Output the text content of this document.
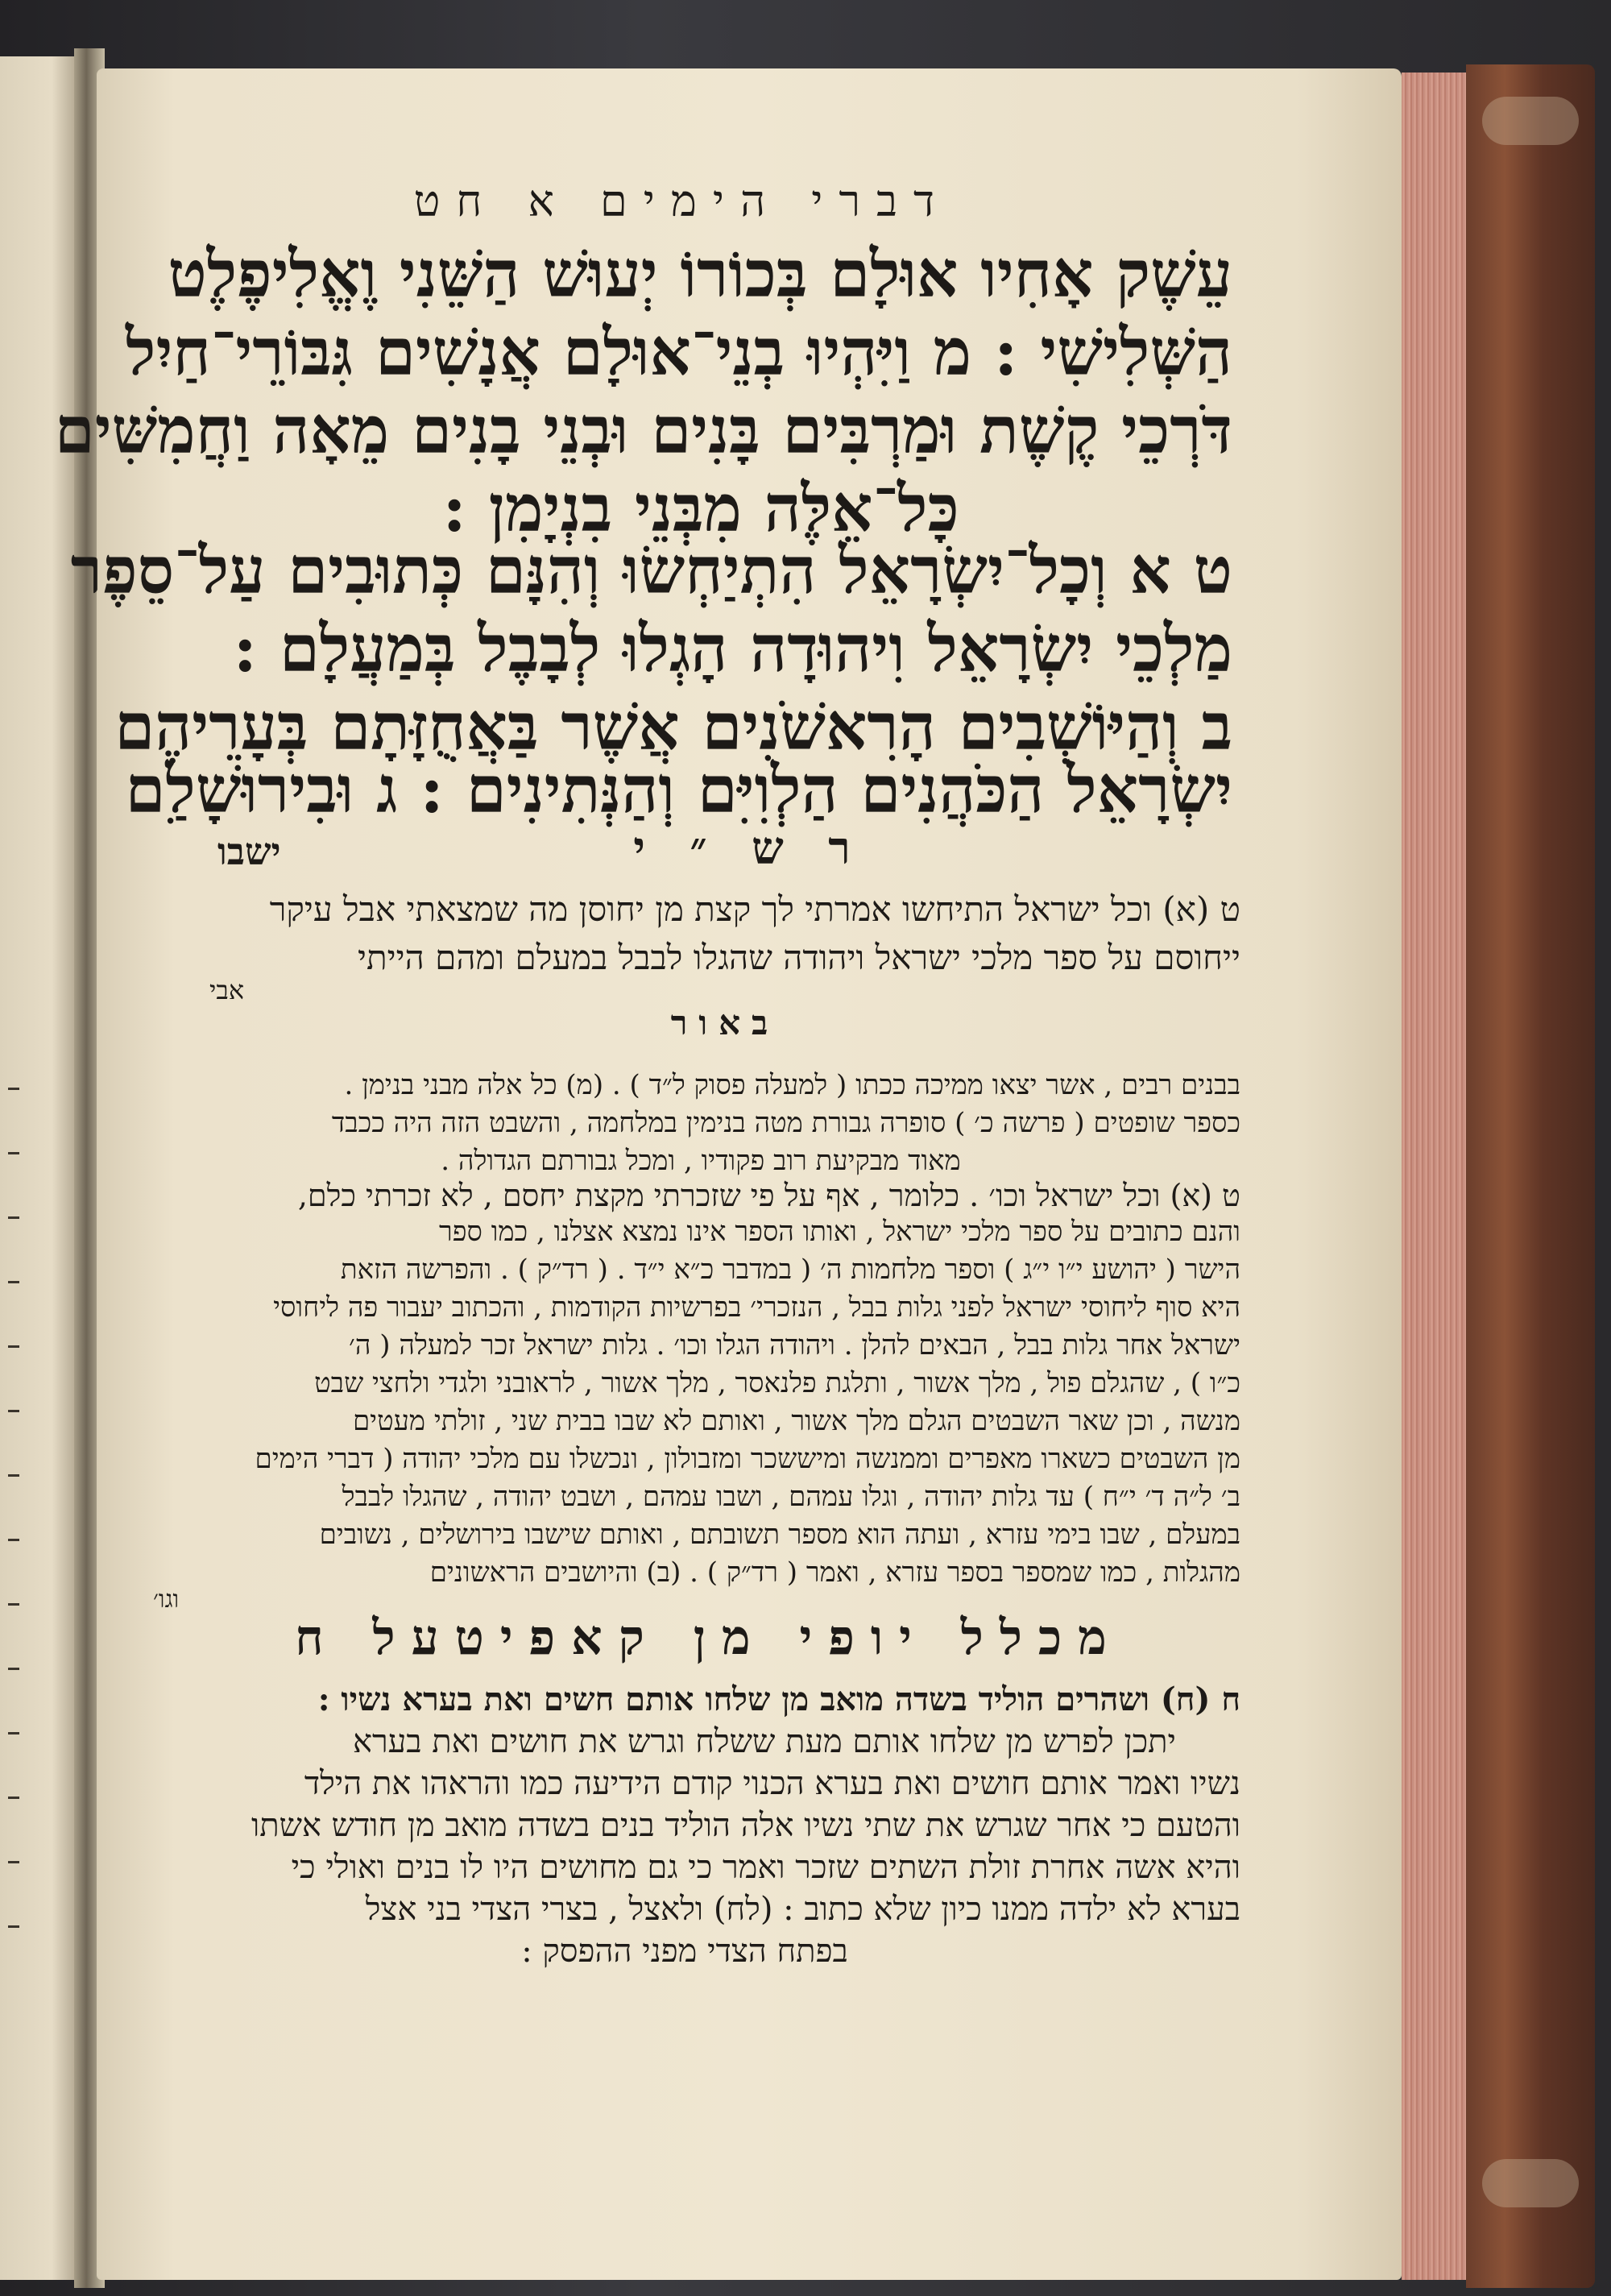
דברי הימים א חט
עֵשֶׁק אָחִיו אוּלָם בְּכוֹרוֹ יְעוּשׁ הַשֵּׁנִי וֶאֱלִיפֶלֶט
הַשְּׁלִישִׁי : מ וַיִּהְיוּ בְנֵי־אוּלָם אֲנָשִׁים גִּבּוֹרֵי־חַיִל
דֹּרְכֵי קֶשֶׁת וּמַרְבִּים בָּנִים וּבְנֵי בָנִים מֵאָה וַחֲמִשִּׁים
כָּל־אֵלֶּה מִבְּנֵי בִנְיָמִן :
ט א וְכָל־יִשְׂרָאֵל הִתְיַחְשׂוּ וְהִנָּם כְּתוּבִים עַל־סֵפֶר
מַלְכֵי יִשְׂרָאֵל וִיהוּדָה הָגְלוּ לְבָבֶל בְּמַעֲלָם :
ב וְהַיּוֹשְׁבִים הָרִאשֹׁנִים אֲשֶׁר בַּאֲחֻזָּתָם בְּעָרֵיהֶם
יִשְׂרָאֵל הַכֹּהֲנִים הַלְוִיִּם וְהַנְּתִינִים : ג וּבִירוּשָׁלִַם
ר ש ״ י
ישבו
ט (א) וכל ישראל התיחשו אמרתי לך קצת מן יחוסן מה שמצאתי אבל עיקר
ייחוסם על ספר מלכי ישראל ויהודה שהגלו לבבל במעלם ומהם הייתי
אבי
באור
בבנים רבים , אשר יצאו ממיכה ככתו ( למעלה פסוק ל״ד ) . (מ) כל אלה מבני בנימן .
כספר שופטים ( פרשה כ׳ ) סופרה גבורת מטה בנימין במלחמה , והשבט הזה היה ככבד
מאוד מבקיעת רוב פקודיו , ומכל גבורתם הגדולה .
ט (א) וכל ישראל וכו׳ . כלומר , אף על פי שזכרתי מקצת יחסם , לא זכרתי כלם,
והנם כתובים על ספר מלכי ישראל , ואותו הספר אינו נמצא אצלנו , כמו ספר
הישר ( יהושע י״ו י״ג ) וספר מלחמות ה׳ ( במדבר כ״א י״ד . ( רד״ק ) . והפרשה הזאת
היא סוף ליחוסי ישראל לפני גלות בבל , הנזכרי׳ בפרשיות הקודמות , והכתוב יעבור פה ליחוסי
ישראל אחר גלות בבל , הבאים להלן . ויהודה הגלו וכו׳ . גלות ישראל זכר למעלה ( ה׳
כ״ו ) , שהגלם פול , מלך אשור , ותלגת פלנאסר , מלך אשור , לראובני ולגדי ולחצי שבט
מנשה , וכן שאר השבטים הגלם מלך אשור , ואותם לא שבו בבית שני , זולתי מעטים
מן השבטים כשארו מאפרים וממנשה ומיששכר ומזבולון , ונכשלו עם מלכי יהודה ( דברי הימים
ב׳ ל״ה ד׳ י״ח ) עד גלות יהודה , וגלו עמהם , ושבו עמהם , ושבט יהודה , שהגלו לבבל
במעלם , שבו בימי עזרא , ועתה הוא מספר תשובתם , ואותם שישבו בירושלים , נשובים
מהגלות , כמו שמספר בספר עזרא , ואמר ( רד״ק ) . (ב) והיושבים הראשונים
וגו׳
מכלל יופי מן קאפיטעל ח
ח (ח) ושהרים הוליד בשדה מואב מן שלחו אותם חשים ואת בערא נשיו :
יתכן לפרש מן שלחו אותם מעת ששלח וגרש את חושים ואת בערא
נשיו ואמר אותם חושים ואת בערא הכנוי קודם הידיעה כמו והראהו את הילד
והטעם כי אחר שגרש את שתי נשיו אלה הוליד בנים בשדה מואב מן חודש אשתו
והיא אשה אחרת זולת השתים שזכר ואמר כי גם מחושים היו לו בנים ואולי כי
בערא לא ילדה ממנו כיון שלא כתוב : (לח) ולאצל , בצרי הצדי בני אצל
בפתח הצדי מפני ההפסק :
